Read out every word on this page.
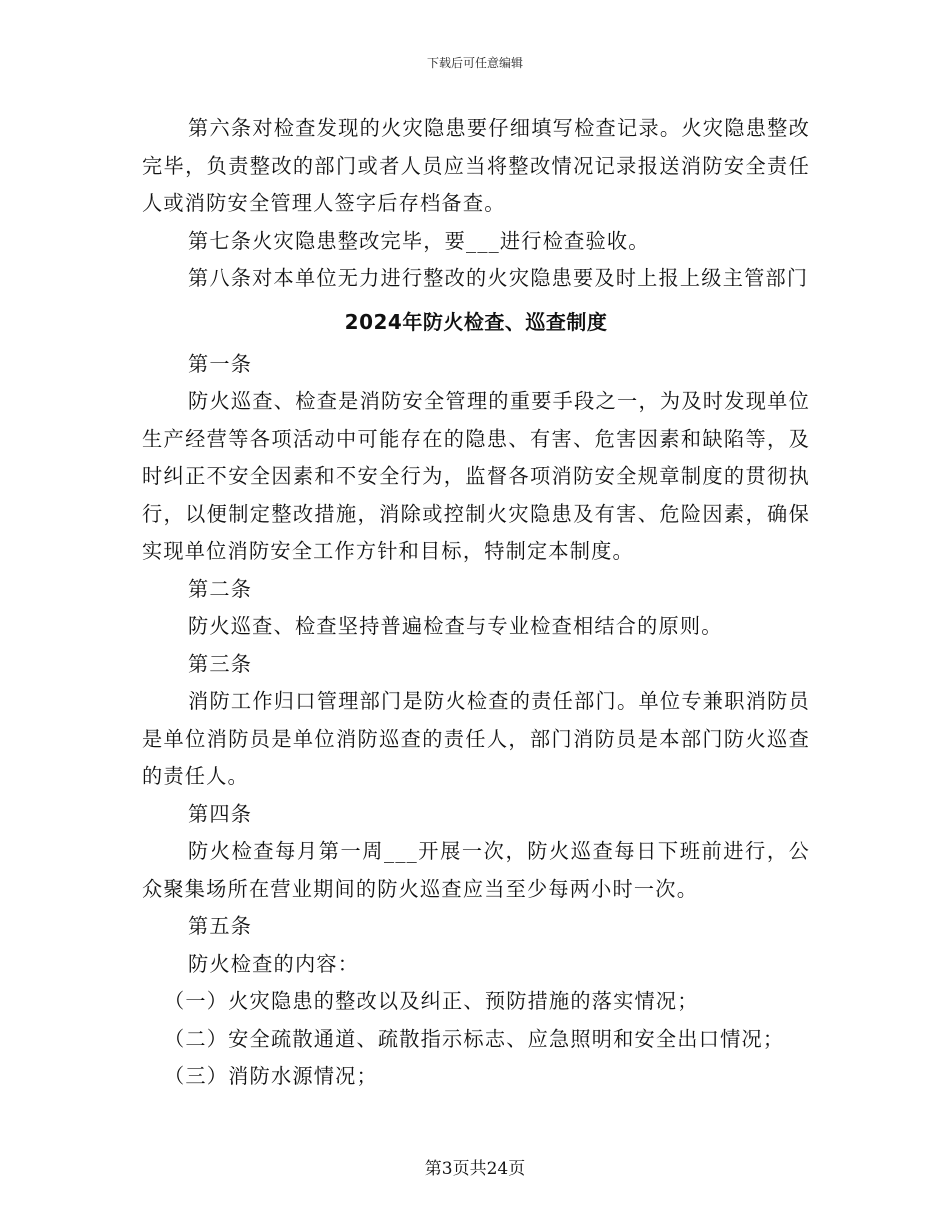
下载后可任意编辑

第六条对检查发现的火灾隐患要仔细填写检查记录。火灾隐患整改完毕，负责整改的部门或者人员应当将整改情况记录报送消防安全责任人或消防安全管理人签字后存档备查。

第七条火灾隐患整改完毕，要___进行检查验收。

第八条对本单位无力进行整改的火灾隐患要及时上报上级主管部门

2024年防火检查、巡查制度

第一条

防火巡查、检查是消防安全管理的重要手段之一，为及时发现单位生产经营等各项活动中可能存在的隐患、有害、危害因素和缺陷等，及时纠正不安全因素和不安全行为，监督各项消防安全规章制度的贯彻执行，以便制定整改措施，消除或控制火灾隐患及有害、危险因素，确保实现单位消防安全工作方针和目标，特制定本制度。

第二条

防火巡查、检查坚持普遍检查与专业检查相结合的原则。

第三条

消防工作归口管理部门是防火检查的责任部门。单位专兼职消防员是单位消防员是单位消防巡查的责任人，部门消防员是本部门防火巡查的责任人。

第四条

防火检查每月第一周___开展一次，防火巡查每日下班前进行，公众聚集场所在营业期间的防火巡查应当至少每两小时一次。

第五条

防火检查的内容：

（一）火灾隐患的整改以及纠正、预防措施的落实情况；

（二）安全疏散通道、疏散指示标志、应急照明和安全出口情况；

（三）消防水源情况；

第3页共24页
